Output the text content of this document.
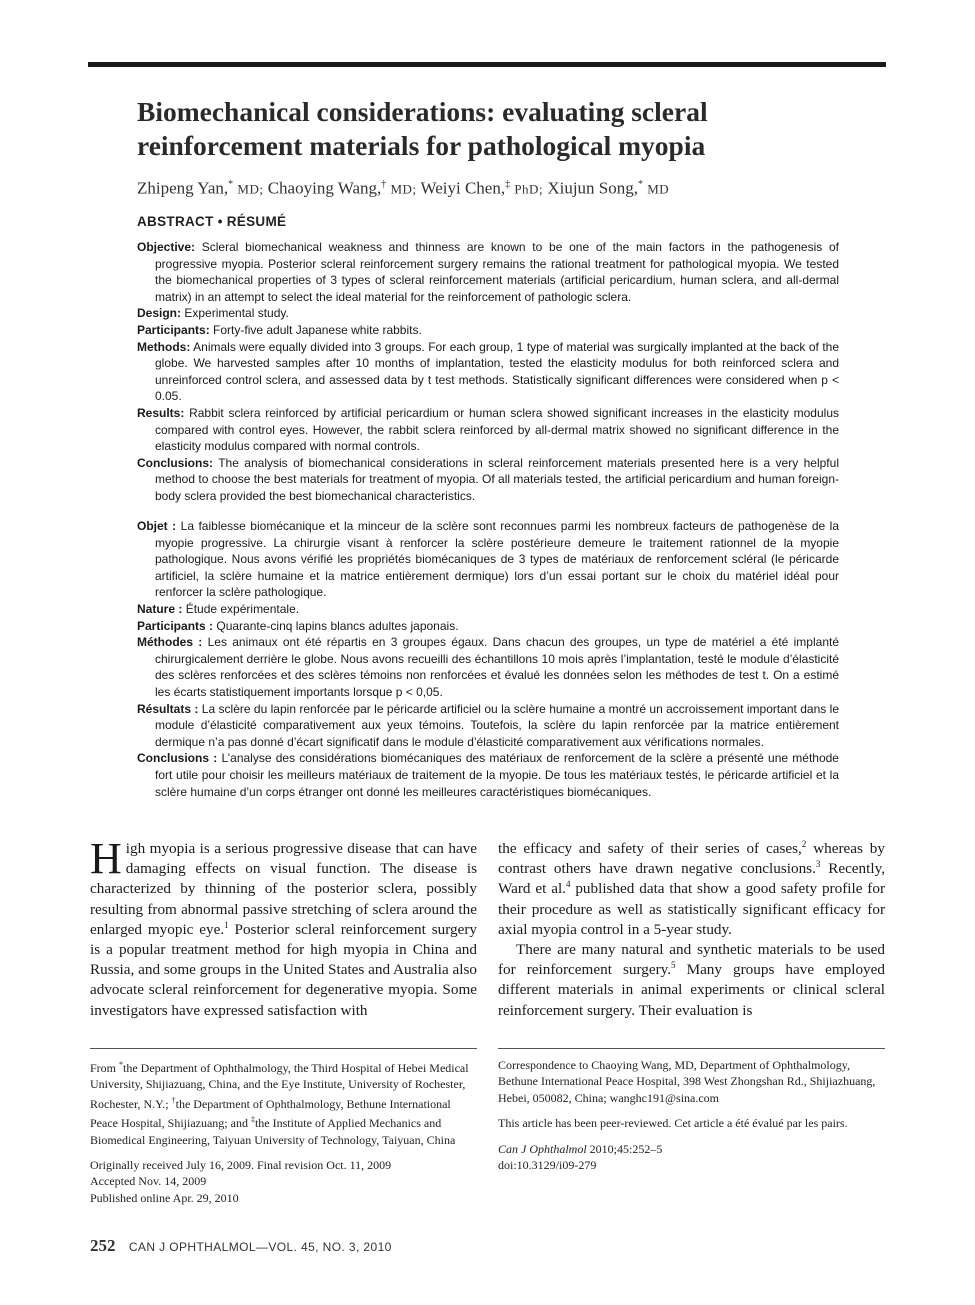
Biomechanical considerations: evaluating scleral reinforcement materials for pathological myopia
Zhipeng Yan,* MD; Chaoying Wang,† MD; Weiyi Chen,‡ PhD; Xiujun Song,* MD
ABSTRACT • RÉSUMÉ

Objective: Scleral biomechanical weakness and thinness are known to be one of the main factors in the pathogenesis of progressive myopia. Posterior scleral reinforcement surgery remains the rational treatment for pathological myopia. We tested the biomechanical properties of 3 types of scleral reinforcement materials (artificial pericardium, human sclera, and all-dermal matrix) in an attempt to select the ideal material for the reinforcement of pathologic sclera.

Design: Experimental study.

Participants: Forty-five adult Japanese white rabbits.

Methods: Animals were equally divided into 3 groups. For each group, 1 type of material was surgically implanted at the back of the globe. We harvested samples after 10 months of implantation, tested the elasticity modulus for both reinforced sclera and unreinforced control sclera, and assessed data by t test methods. Statistically significant differences were considered when p < 0.05.

Results: Rabbit sclera reinforced by artificial pericardium or human sclera showed significant increases in the elasticity modulus compared with control eyes. However, the rabbit sclera reinforced by all-dermal matrix showed no significant difference in the elasticity modulus compared with normal controls.

Conclusions: The analysis of biomechanical considerations in scleral reinforcement materials presented here is a very helpful method to choose the best materials for treatment of myopia. Of all materials tested, the artificial pericardium and human foreign-body sclera provided the best biomechanical characteristics.

Objet : La faiblesse biomécanique et la minceur de la sclère sont reconnues parmi les nombreux facteurs de pathogenèse de la myopie progressive. La chirurgie visant à renforcer la sclère postérieure demeure le traitement rationnel de la myopie pathologique. Nous avons vérifié les propriétés biomécaniques de 3 types de matériaux de renforcement scléral (le péricarde artificiel, la sclère humaine et la matrice entièrement dermique) lors d’un essai portant sur le choix du matériel idéal pour renforcer la sclère pathologique.

Nature : Étude expérimentale.

Participants : Quarante-cinq lapins blancs adultes japonais.

Méthodes : Les animaux ont été répartis en 3 groupes égaux. Dans chacun des groupes, un type de matériel a été implanté chirurgicalement derrière le globe. Nous avons recueilli des échantillons 10 mois après l’implantation, testé le module d’élasticité des sclères renforcées et des sclères témoins non renforcées et évalué les données selon les méthodes de test t. On a estimé les écarts statistiquement importants lorsque p < 0,05.

Résultats : La sclère du lapin renforcée par le péricarde artificiel ou la sclère humaine a montré un accroissement important dans le module d’élasticité comparativement aux yeux témoins. Toutefois, la sclère du lapin renforcée par la matrice entièrement dermique n’a pas donné d’écart significatif dans le module d’élasticité comparativement aux vérifications normales.

Conclusions : L’analyse des considérations biomécaniques des matériaux de renforcement de la sclère a présenté une méthode fort utile pour choisir les meilleurs matériaux de traitement de la myopie. De tous les matériaux testés, le péricarde artificiel et la sclère humaine d’un corps étranger ont donné les meilleures caractéristiques biomécaniques.

High myopia is a serious progressive disease that can have damaging effects on visual function. The disease is characterized by thinning of the posterior sclera, possibly resulting from abnormal passive stretching of sclera around the enlarged myopic eye.$^1$ Posterior scleral reinforcement surgery is a popular treatment method for high myopia in China and Russia, and some groups in the United States and Australia also advocate scleral reinforcement for degenerative myopia. Some investigators have expressed satisfaction with

the efficacy and safety of their series of cases,$^2$ whereas by contrast others have drawn negative conclusions.$^3$ Recently, Ward et al.$^4$ published data that show a good safety profile for their procedure as well as statistically significant efficacy for axial myopia control in a 5-year study.

There are many natural and synthetic materials to be used for reinforcement surgery.$^5$ Many groups have employed different materials in animal experiments or clinical scleral reinforcement surgery. Their evaluation is

From *the Department of Ophthalmology, the Third Hospital of Hebei Medical University, Shijiazuang, China, and the Eye Institute, University of Rochester, Rochester, N.Y.; †the Department of Ophthalmology, Bethune International Peace Hospital, Shijiazuang; and ‡the Institute of Applied Mechanics and Biomedical Engineering, Taiyuan University of Technology, Taiyuan, China

Originally received July 16, 2009. Final revision Oct. 11, 2009

Accepted Nov. 14, 2009

Published online Apr. 29, 2010

Correspondence to Chaoying Wang, MD, Department of Ophthalmology, Bethune International Peace Hospital, 398 West Zhongshan Rd., Shijiazhuang, Hebei, 050082, China; wanghc191@sina.com

This article has been peer-reviewed. Cet article a été évalué par les pairs.

Can J Ophthalmol 2010;45:252–5

doi:10.3129/i09-279

252 CAN J OPHTHALMOL—VOL. 45, NO. 3, 2010
